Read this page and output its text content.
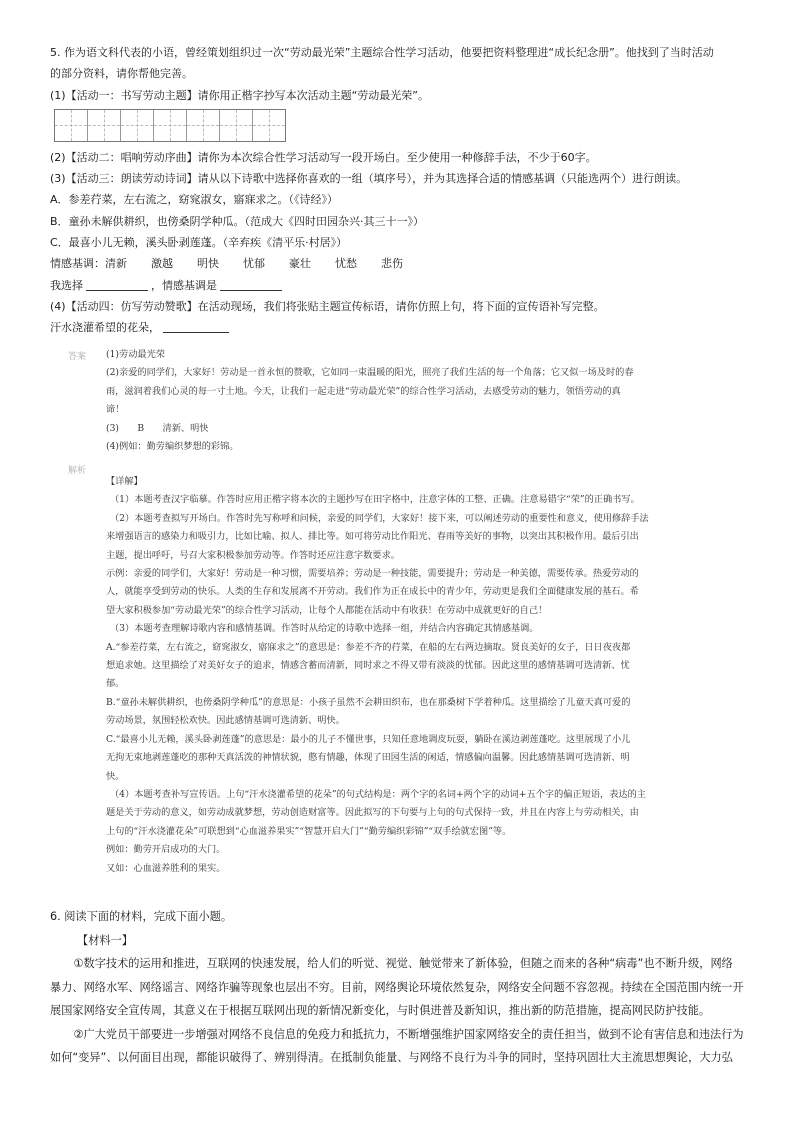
5. 作为语文科代表的小语，曾经策划组织过一次“劳动最光荣”主题综合性学习活动，他要把资料整理进“成长纪念册”。他找到了当时活动

的部分资料，请你帮他完善。

(1)【活动一：书写劳动主题】请你用正楷字抄写本次活动主题“劳动最光荣”。

(2)【活动二：唱响劳动序曲】请你为本次综合性学习活动写一段开场白。至少使用一种修辞手法，不少于60字。

(3)【活动三：朗读劳动诗词】请从以下诗歌中选择你喜欢的一组（填序号），并为其选择合适的情感基调（只能选两个）进行朗读。

A．参差荇菜，左右流之，窈窕淑女，寤寐求之。（《诗经》）

B．童孙未解供耕织，也傍桑阴学种瓜。（范成大《四时田园杂兴·其三十一》）

C．最喜小儿无赖，溪头卧剥莲蓬。（辛弃疾《清平乐·村居》）

情感基调：清新 激越 明快 忧郁 豪壮 忧愁 悲伤

我选择	，情感基调是

(4)【活动四：仿写劳动赞歌】在活动现场，我们将张贴主题宣传标语，请你仿照上句，将下面的宣传语补写完整。

汗水浇灌希望的花朵，

答案 (1)劳动最光荣

(2)亲爱的同学们，大家好！劳动是一首永恒的赞歌，它如同一束温暖的阳光，照亮了我们生活的每一个角落；它又似一场及时的春

雨，滋润着我们心灵的每一寸土地。今天，让我们一起走进“劳动最光荣”的综合性学习活动，去感受劳动的魅力，领悟劳动的真

谛！

(3)　　B　　清新、明快

(4)例如：勤劳编织梦想的彩锦。

解析

【详解】

（1）本题考查汉字临摹。作答时应用正楷字将本次的主题抄写在田字格中，注意字体的工整、正确。注意易错字“荣”的正确书写。

（2）本题考查拟写开场白。作答时先写称呼和问候，亲爱的同学们，大家好！接下来，可以阐述劳动的重要性和意义，使用修辞手法

来增强语言的感染力和吸引力，比如比喻、拟人、排比等。如可将劳动比作阳光、春雨等美好的事物，以突出其积极作用。最后引出

主题，提出呼吁，号召大家积极参加劳动等。作答时还应注意字数要求。

示例：亲爱的同学们，大家好！劳动是一种习惯，需要培养；劳动是一种技能，需要提升；劳动是一种美德，需要传承。热爱劳动的

人，就能享受到劳动的快乐。人类的生存和发展离不开劳动。我们作为正在成长中的青少年，劳动更是我们全面健康发展的基石。希

望大家积极参加“劳动最光荣”的综合性学习活动，让每个人都能在活动中有收获！在劳动中成就更好的自己！

（3）本题考查理解诗歌内容和感情基调。作答时从给定的诗歌中选择一组，并结合内容确定其情感基调。

A.“参差荇菜，左右流之，窈窕淑女，寤寐求之”的意思是：参差不齐的荇菜，在船的左右两边摘取。贤良美好的女子，日日夜夜都

想追求她。这里描绘了对美好女子的追求，情感含蓄而清新，同时求之不得又带有淡淡的忧郁。因此这里的感情基调可选清新、忧

郁。

B.“童孙未解供耕织，也傍桑阴学种瓜”的意思是：小孩子虽然不会耕田织布，也在那桑树下学着种瓜。这里描绘了儿童天真可爱的

劳动场景，氛围轻松欢快。因此感情基调可选清新、明快。

C.“最喜小儿无赖，溪头卧剥莲蓬”的意思是：最小的儿子不懂世事，只知任意地调皮玩耍，躺卧在溪边剥莲蓬吃。这里展现了小儿

无拘无束地剥莲蓬吃的那种天真活泼的神情状貌，憨有情趣，体现了田园生活的闲适，情感偏向温馨。因此感情基调可选清新、明

快。

（4）本题考查补写宣传语。上句“汗水浇灌希望的花朵”的句式结构是：两个字的名词+两个字的动词+五个字的偏正短语，表达的主

题是关于劳动的意义，如劳动成就梦想，劳动创造财富等。因此拟写的下句要与上句的句式保持一致，并且在内容上与劳动相关，由

上句的“汗水浇灌花朵”可联想到“心血滋养果实”“智慧开启大门”“勤劳编织彩锦”“双手绘就宏图”等。

例如：勤劳开启成功的大门。

又如：心血滋养胜利的果实。

6. 阅读下面的材料，完成下面小题。

【材料一】

①数字技术的运用和推进，互联网的快速发展，给人们的听觉、视觉、触觉带来了新体验，但随之而来的各种“病毒”也不断升级，网络

暴力、网络水军、网络谣言、网络诈骗等现象也层出不穷。目前，网络舆论环境依然复杂，网络安全问题不容忽视。持续在全国范围内统一开

展国家网络安全宣传周，其意义在于根据互联网出现的新情况新变化，与时俱进普及新知识，推出新的防范措施，提高网民防护技能。

②广大党员干部要进一步增强对网络不良信息的免疫力和抵抗力，不断增强维护国家网络安全的责任担当，做到不论有害信息和违法行为

如何“变异”、以何面目出现，都能识破得了、辨别得清。在抵制负能量、与网络不良行为斗争的同时，坚持巩固壮大主流思想舆论，大力弘
